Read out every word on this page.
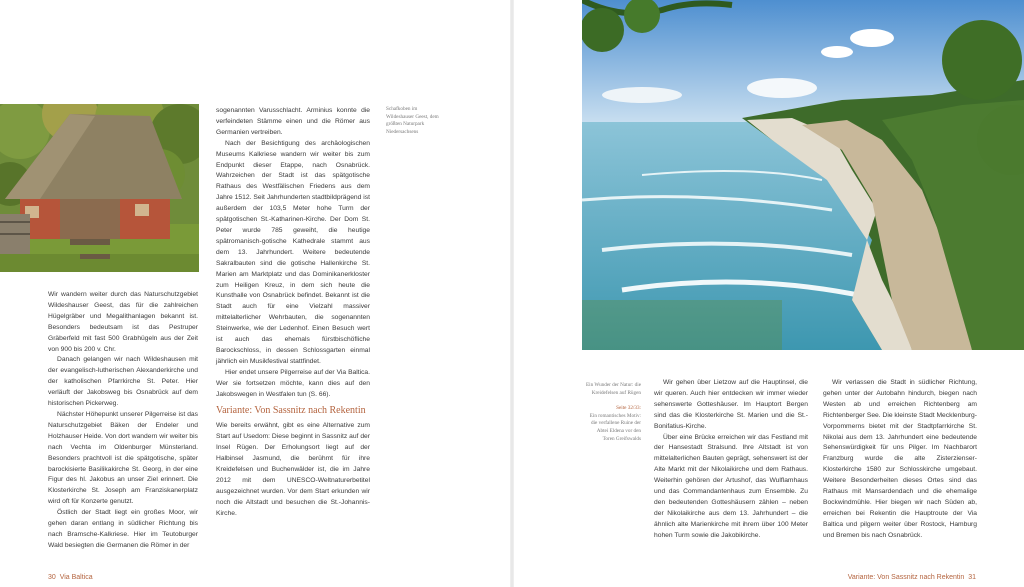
Wir wandern weiter durch das Naturschutzgebiet Wildeshauser Geest, das für die zahlreichen Hügelgräber und Megalithanlagen bekannt ist. Besonders bedeutsam ist das Pestruper Gräberfeld mit fast 500 Grabhügeln aus der Zeit von 900 bis 200 v. Chr.

Danach gelangen wir nach Wildeshausen mit der evangelisch-lutherischen Alexanderkirche und der katholischen Pfarrkirche St. Peter. Hier verläuft der Jakobsweg bis Osnabrück auf dem historischen Pickerweg.

Nächster Höhepunkt unserer Pilgerreise ist das Naturschutzgebiet Bäken der Endeler und Holzhauser Heide. Von dort wandern wir weiter bis nach Vechta im Oldenburger Münsterland. Besonders prachtvoll ist die spätgotische, später barockisierte Basilikakirche St. Georg, in der eine Figur des hl. Jakobus an unser Ziel erinnert. Die Klosterkirche St. Joseph am Franziskanerplatz wird oft für Konzerte genutzt.

Östlich der Stadt liegt ein großes Moor, wir gehen daran entlang in südlicher Richtung bis nach Bramsche-Kalkriese. Hier im Teutoburger Wald besiegten die Germanen die Römer in der

sogenannten Varusschlacht. Arminius konnte die verfeindeten Stämme einen und die Römer aus Germanien vertreiben.

Nach der Besichtigung des archäologischen Museums Kalkriese wandern wir weiter bis zum Endpunkt dieser Etappe, nach Osnabrück. Wahrzeichen der Stadt ist das spätgotische Rathaus des Westfälischen Friedens aus dem Jahre 1512. Seit Jahrhunderten stadtbildprägend ist außerdem der 103,5 Meter hohe Turm der spätgotischen St.-Katharinen-Kirche. Der Dom St. Peter wurde 785 geweiht, die heutige spätromanisch-gotische Kathedrale stammt aus dem 13. Jahrhundert. Weitere bedeutende Sakralbauten sind die gotische Hallenkirche St. Marien am Marktplatz und das Dominikanerkloster zum Heiligen Kreuz, in dem sich heute die Kunsthalle von Osnabrück befindet. Bekannt ist die Stadt auch für eine Vielzahl massiver mittelalterlicher Wehrbauten, die sogenannten Steinwerke, wie der Ledenhof. Einen Besuch wert ist auch das ehemals fürstbischöfliche Barockschloss, in dessen Schlossgarten einmal jährlich ein Musikfestival stattfindet.

Hier endet unsere Pilgerreise auf der Via Baltica. Wer sie fortsetzen möchte, kann dies auf den Jakobswegen in Westfalen tun (S. 66).

Variante: Von Sassnitz nach Rekentin

Wie bereits erwähnt, gibt es eine Alternative zum Start auf Usedom: Diese beginnt in Sassnitz auf der Insel Rügen. Der Erholungsort liegt auf der Halbinsel Jasmund, die berühmt für ihre Kreidefelsen und Buchenwälder ist, die im Jahre 2012 mit dem UNESCO-Weltnaturerbetitel ausgezeichnet wurden. Vor dem Start erkunden wir noch die Altstadt und besuchen die St.-Johannis-Kirche.

Schafkoben im Wildeshauser Geest, dem größten Naturpark Niedersachsens
30 Via Baltica
Ein Wunder der Natur: die Kreidefelsen auf Rügen
Seite 32/33:
Ein romantisches Motiv: die verfallene Ruine der Abtei Eldena vor den Toren Greifswalds

Wir gehen über Lietzow auf die Hauptinsel, die wir queren. Auch hier entdecken wir immer wieder sehenswerte Gotteshäuser. Im Hauptort Bergen sind das die Klosterkirche St. Marien und die St.-Bonifatius-Kirche.

Über eine Brücke erreichen wir das Festland mit der Hansestadt Stralsund. Ihre Altstadt ist von mittelalterlichen Bauten geprägt, sehenswert ist der Alte Markt mit der Nikolaikirche und dem Rathaus. Weiterhin gehören der Artushof, das Wulflamhaus und das Commandantenhaus zum Ensemble. Zu den bedeutenden Gotteshäusern zählen – neben der Nikolaikirche aus dem 13. Jahrhundert – die ähnlich alte Marienkirche mit ihrem über 100 Meter hohen Turm sowie die Jakobikirche.

Wir verlassen die Stadt in südlicher Richtung, gehen unter der Autobahn hindurch, biegen nach Westen ab und erreichen Richtenberg am Richtenberger See. Die kleinste Stadt Mecklenburg-Vorpommerns bietet mit der Stadtpfarrkirche St. Nikolai aus dem 13. Jahrhundert eine bedeutende Sehenswürdigkeit für uns Pilger. Im Nachbarort Franzburg wurde die alte Zisterzienser-Klosterkirche 1580 zur Schlosskirche umgebaut. Weitere Besonderheiten dieses Ortes sind das Rathaus mit Mansardendach und die ehemalige Bockwindmühle. Hier biegen wir nach Süden ab, erreichen bei Rekentin die Hauptroute der Via Baltica und pilgern weiter über Rostock, Hamburg und Bremen bis nach Osnabrück.

Variante: Von Sassnitz nach Rekentin 31
